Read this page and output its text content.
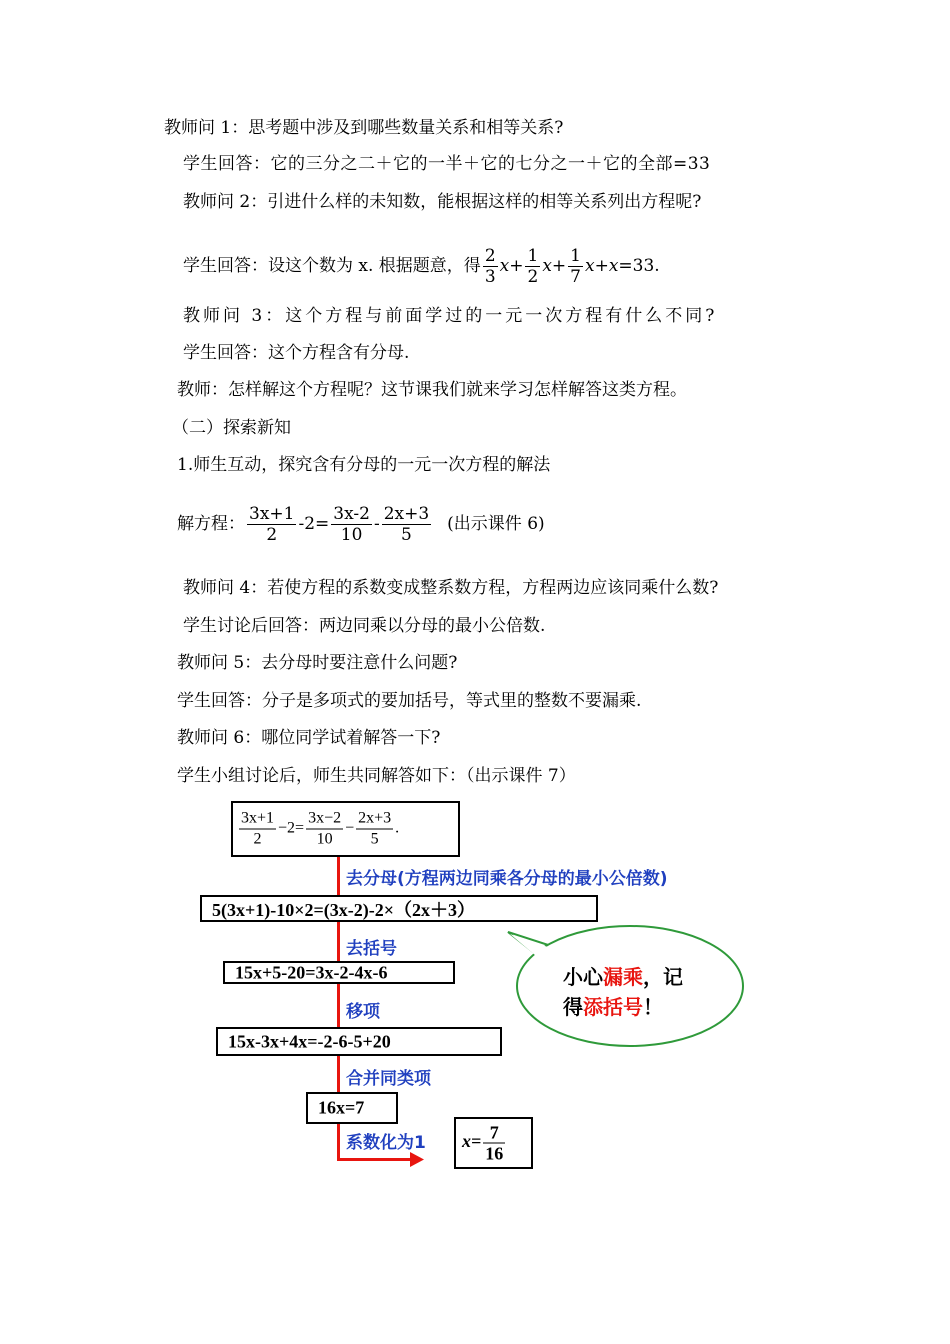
教师问 1：思考题中涉及到哪些数量关系和相等关系?
学生回答：它的三分之二＋它的一半＋它的七分之一＋它的全部=33
教师问 2：引进什么样的未知数，能根据这样的相等关系列出方程呢?
学生回答：设这个数为 x. 根据题意，得 $\frac{2}{3} x+ \frac{1}{2} x+ \frac{1}{7} x+x=33$.
教师问 3：这个方程与前面学过的一元一次方程有什么不同?
学生回答：这个方程含有分母.
教师：怎样解这个方程呢？这节课我们就来学习怎样解答这类方程。
（二）探索新知
1.师生互动，探究含有分母的一元一次方程的解法
解方程： $\frac{3x+1}{2} -2= \frac{3x-2}{10} - \frac{2x+3}{5}$ (出示课件 6)
教师问 4：若使方程的系数变成整系数方程，方程两边应该同乘什么数?
学生讨论后回答：两边同乘以分母的最小公倍数.
教师问 5：去分母时要注意什么问题?
学生回答：分子是多项式的要加括号，等式里的整数不要漏乘.
教师问 6：哪位同学试着解答一下?
学生小组讨论后，师生共同解答如下：（出示课件 7）
$\frac{3x+1}{2} -2= \frac{3x-2}{10} - \frac{2x+3}{5}$ .
去分母(方程两边同乘各分母的最小公倍数)
5(3x+1)-10×2=(3x-2)-2×（2x＋3）
去括号
15x+5-20=3x-2-4x-6
移项
15x-3x+4x=-2-6-5+20
合并同类项
16x=7
系数化为1 $x= \frac{7}{16}$
小心漏乘，记
得添括号！
